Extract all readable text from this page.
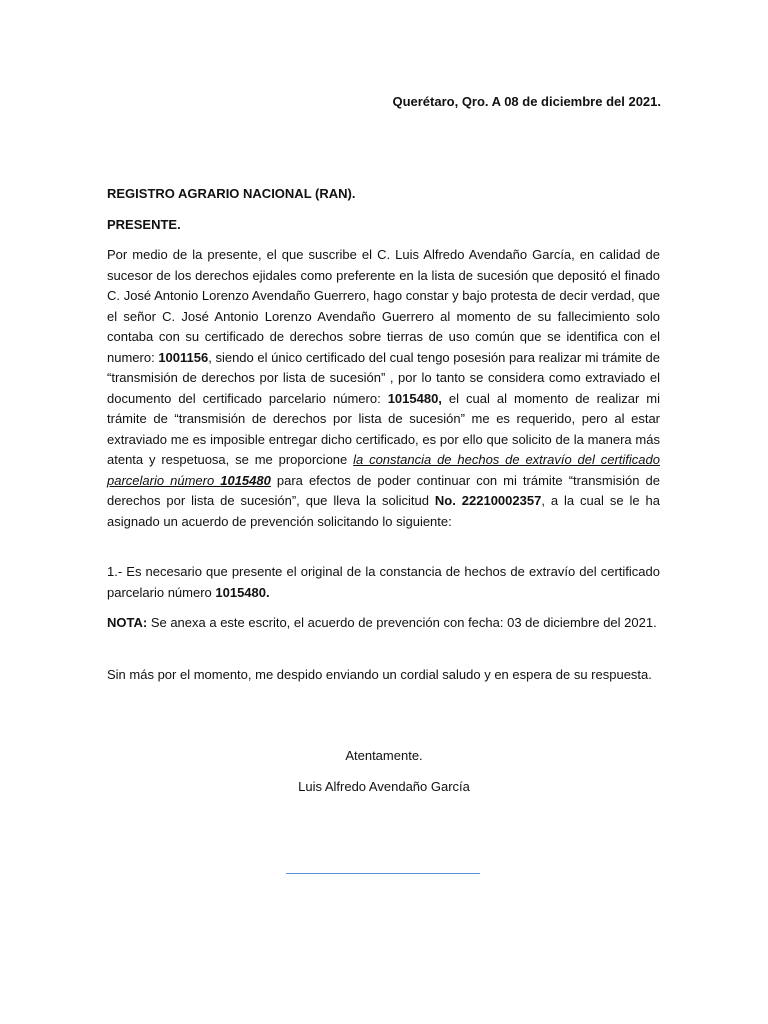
Querétaro, Qro. A 08 de diciembre del 2021.
REGISTRO AGRARIO NACIONAL (RAN).
PRESENTE.
Por medio de la presente, el que suscribe el C. Luis Alfredo Avendaño García, en calidad de sucesor de los derechos ejidales como preferente en la lista de sucesión que depositó el finado C. José Antonio Lorenzo Avendaño Guerrero, hago constar y bajo protesta de decir verdad, que el señor C. José Antonio Lorenzo Avendaño Guerrero al momento de su fallecimiento solo contaba con su certificado de derechos sobre tierras de uso común que se identifica con el numero: 1001156, siendo el único certificado del cual tengo posesión para realizar mi trámite de “transmisión de derechos por lista de sucesión” , por lo tanto se considera como extraviado el documento del certificado parcelario número: 1015480, el cual al momento de realizar mi trámite de “transmisión de derechos por lista de sucesión” me es requerido, pero al estar extraviado me es imposible entregar dicho certificado, es por ello que solicito de la manera más atenta y respetuosa, se me proporcione la constancia de hechos de extravío del certificado parcelario número 1015480 para efectos de poder continuar con mi trámite “transmisión de derechos por lista de sucesión”, que lleva la solicitud No. 22210002357, a la cual se le ha asignado un acuerdo de prevención solicitando lo siguiente:
1.- Es necesario que presente el original de la constancia de hechos de extravío del certificado parcelario número 1015480.
NOTA: Se anexa a este escrito, el acuerdo de prevención con fecha: 03 de diciembre del 2021.
Sin más por el momento, me despido enviando un cordial saludo y en espera de su respuesta.
Atentamente.
Luis Alfredo Avendaño García
